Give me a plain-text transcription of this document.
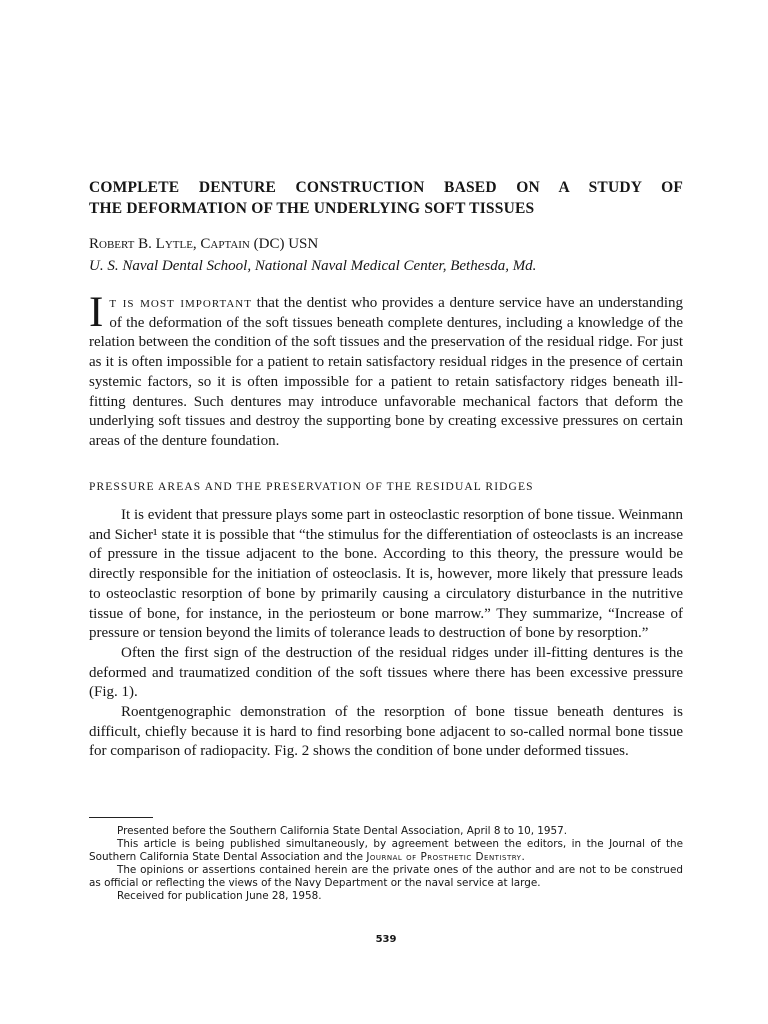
COMPLETE DENTURE CONSTRUCTION BASED ON A STUDY OF
THE DEFORMATION OF THE UNDERLYING SOFT TISSUES

Robert B. Lytle, Captain (DC) USN

U. S. Naval Dental School, National Naval Medical Center, Bethesda, Md.

It is most important that the dentist who provides a denture service have an understanding of the deformation of the soft tissues beneath complete dentures, including a knowledge of the relation between the condition of the soft tissues and the preservation of the residual ridge. For just as it is often impossible for a patient to retain satisfactory residual ridges in the presence of certain systemic factors, so it is often impossible for a patient to retain satisfactory ridges beneath ill-fitting dentures. Such dentures may introduce unfavorable mechanical factors that deform the underlying soft tissues and destroy the supporting bone by creating excessive pressures on certain areas of the denture foundation.

PRESSURE AREAS AND THE PRESERVATION OF THE RESIDUAL RIDGES

It is evident that pressure plays some part in osteoclastic resorption of bone tissue. Weinmann and Sicher¹ state it is possible that “the stimulus for the differentiation of osteoclasts is an increase of pressure in the tissue adjacent to the bone. According to this theory, the pressure would be directly responsible for the initiation of osteoclasis. It is, however, more likely that pressure leads to osteoclastic resorption of bone by primarily causing a circulatory disturbance in the nutritive tissue of bone, for instance, in the periosteum or bone marrow.” They summarize, “Increase of pressure or tension beyond the limits of tolerance leads to destruction of bone by resorption.”

Often the first sign of the destruction of the residual ridges under ill-fitting dentures is the deformed and traumatized condition of the soft tissues where there has been excessive pressure (Fig. 1).

Roentgenographic demonstration of the resorption of bone tissue beneath dentures is difficult, chiefly because it is hard to find resorbing bone adjacent to so-called normal bone tissue for comparison of radiopacity. Fig. 2 shows the condition of bone under deformed tissues.

Presented before the Southern California State Dental Association, April 8 to 10, 1957.

This article is being published simultaneously, by agreement between the editors, in the Journal of the Southern California State Dental Association and the Journal of Prosthetic Dentistry.

The opinions or assertions contained herein are the private ones of the author and are not to be construed as official or reflecting the views of the Navy Department or the naval service at large.

Received for publication June 28, 1958.

539
